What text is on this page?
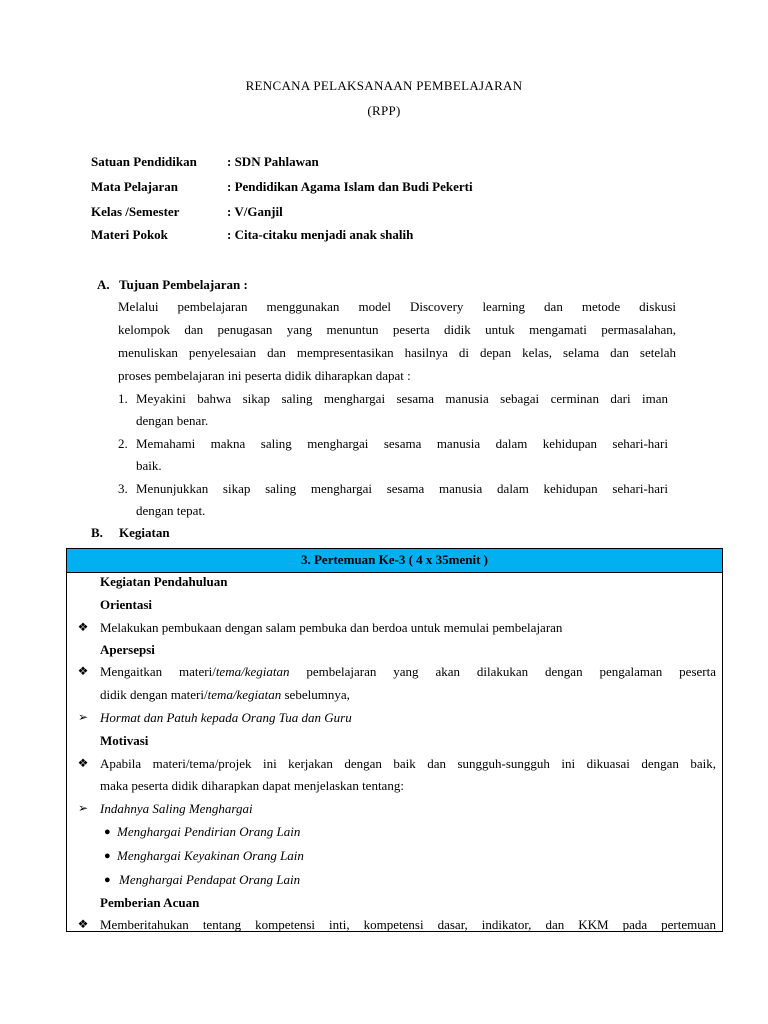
RENCANA PELAKSANAAN PEMBELAJARAN
(RPP)
Satuan Pendidikan : SDN Pahlawan
Mata Pelajaran	: Pendidikan Agama Islam dan Budi Pekerti
Kelas /Semester	: V/Ganjil
Materi Pokok	: Cita-citaku menjadi anak shalih
A. Tujuan Pembelajaran :
Melalui pembelajaran menggunakan model Discovery learning dan metode diskusi
kelompok dan penugasan yang menuntun peserta didik untuk mengamati permasalahan,
menuliskan penyelesaian dan mempresentasikan hasilnya di depan kelas, selama dan setelah
proses pembelajaran ini peserta didik diharapkan dapat :
1. Meyakini bahwa sikap saling menghargai sesama manusia sebagai cerminan dari iman
dengan benar.
2. Memahami makna saling menghargai sesama manusia dalam kehidupan sehari-hari
baik.
3. Menunjukkan sikap saling menghargai sesama manusia dalam kehidupan sehari-hari
dengan tepat.
B. Kegiatan
3. Pertemuan Ke-3 ( 4 x 35menit )
Kegiatan Pendahuluan
Orientasi
❖ Melakukan pembukaan dengan salam pembuka dan berdoa untuk memulai pembelajaran
Apersepsi
❖ Mengaitkan materi/tema/kegiatan pembelajaran yang akan dilakukan dengan pengalaman peserta
didik dengan materi/tema/kegiatan sebelumnya,
➢ Hormat dan Patuh kepada Orang Tua dan Guru
Motivasi
❖ Apabila materi/tema/projek ini kerjakan dengan baik dan sungguh-sungguh ini dikuasai dengan baik,
maka peserta didik diharapkan dapat menjelaskan tentang:
➢ Indahnya Saling Menghargai
● Menghargai Pendirian Orang Lain
● Menghargai Keyakinan Orang Lain
● Menghargai Pendapat Orang Lain
Pemberian Acuan
❖ Memberitahukan tentang kompetensi inti, kompetensi dasar, indikator, dan KKM pada pertemuan
